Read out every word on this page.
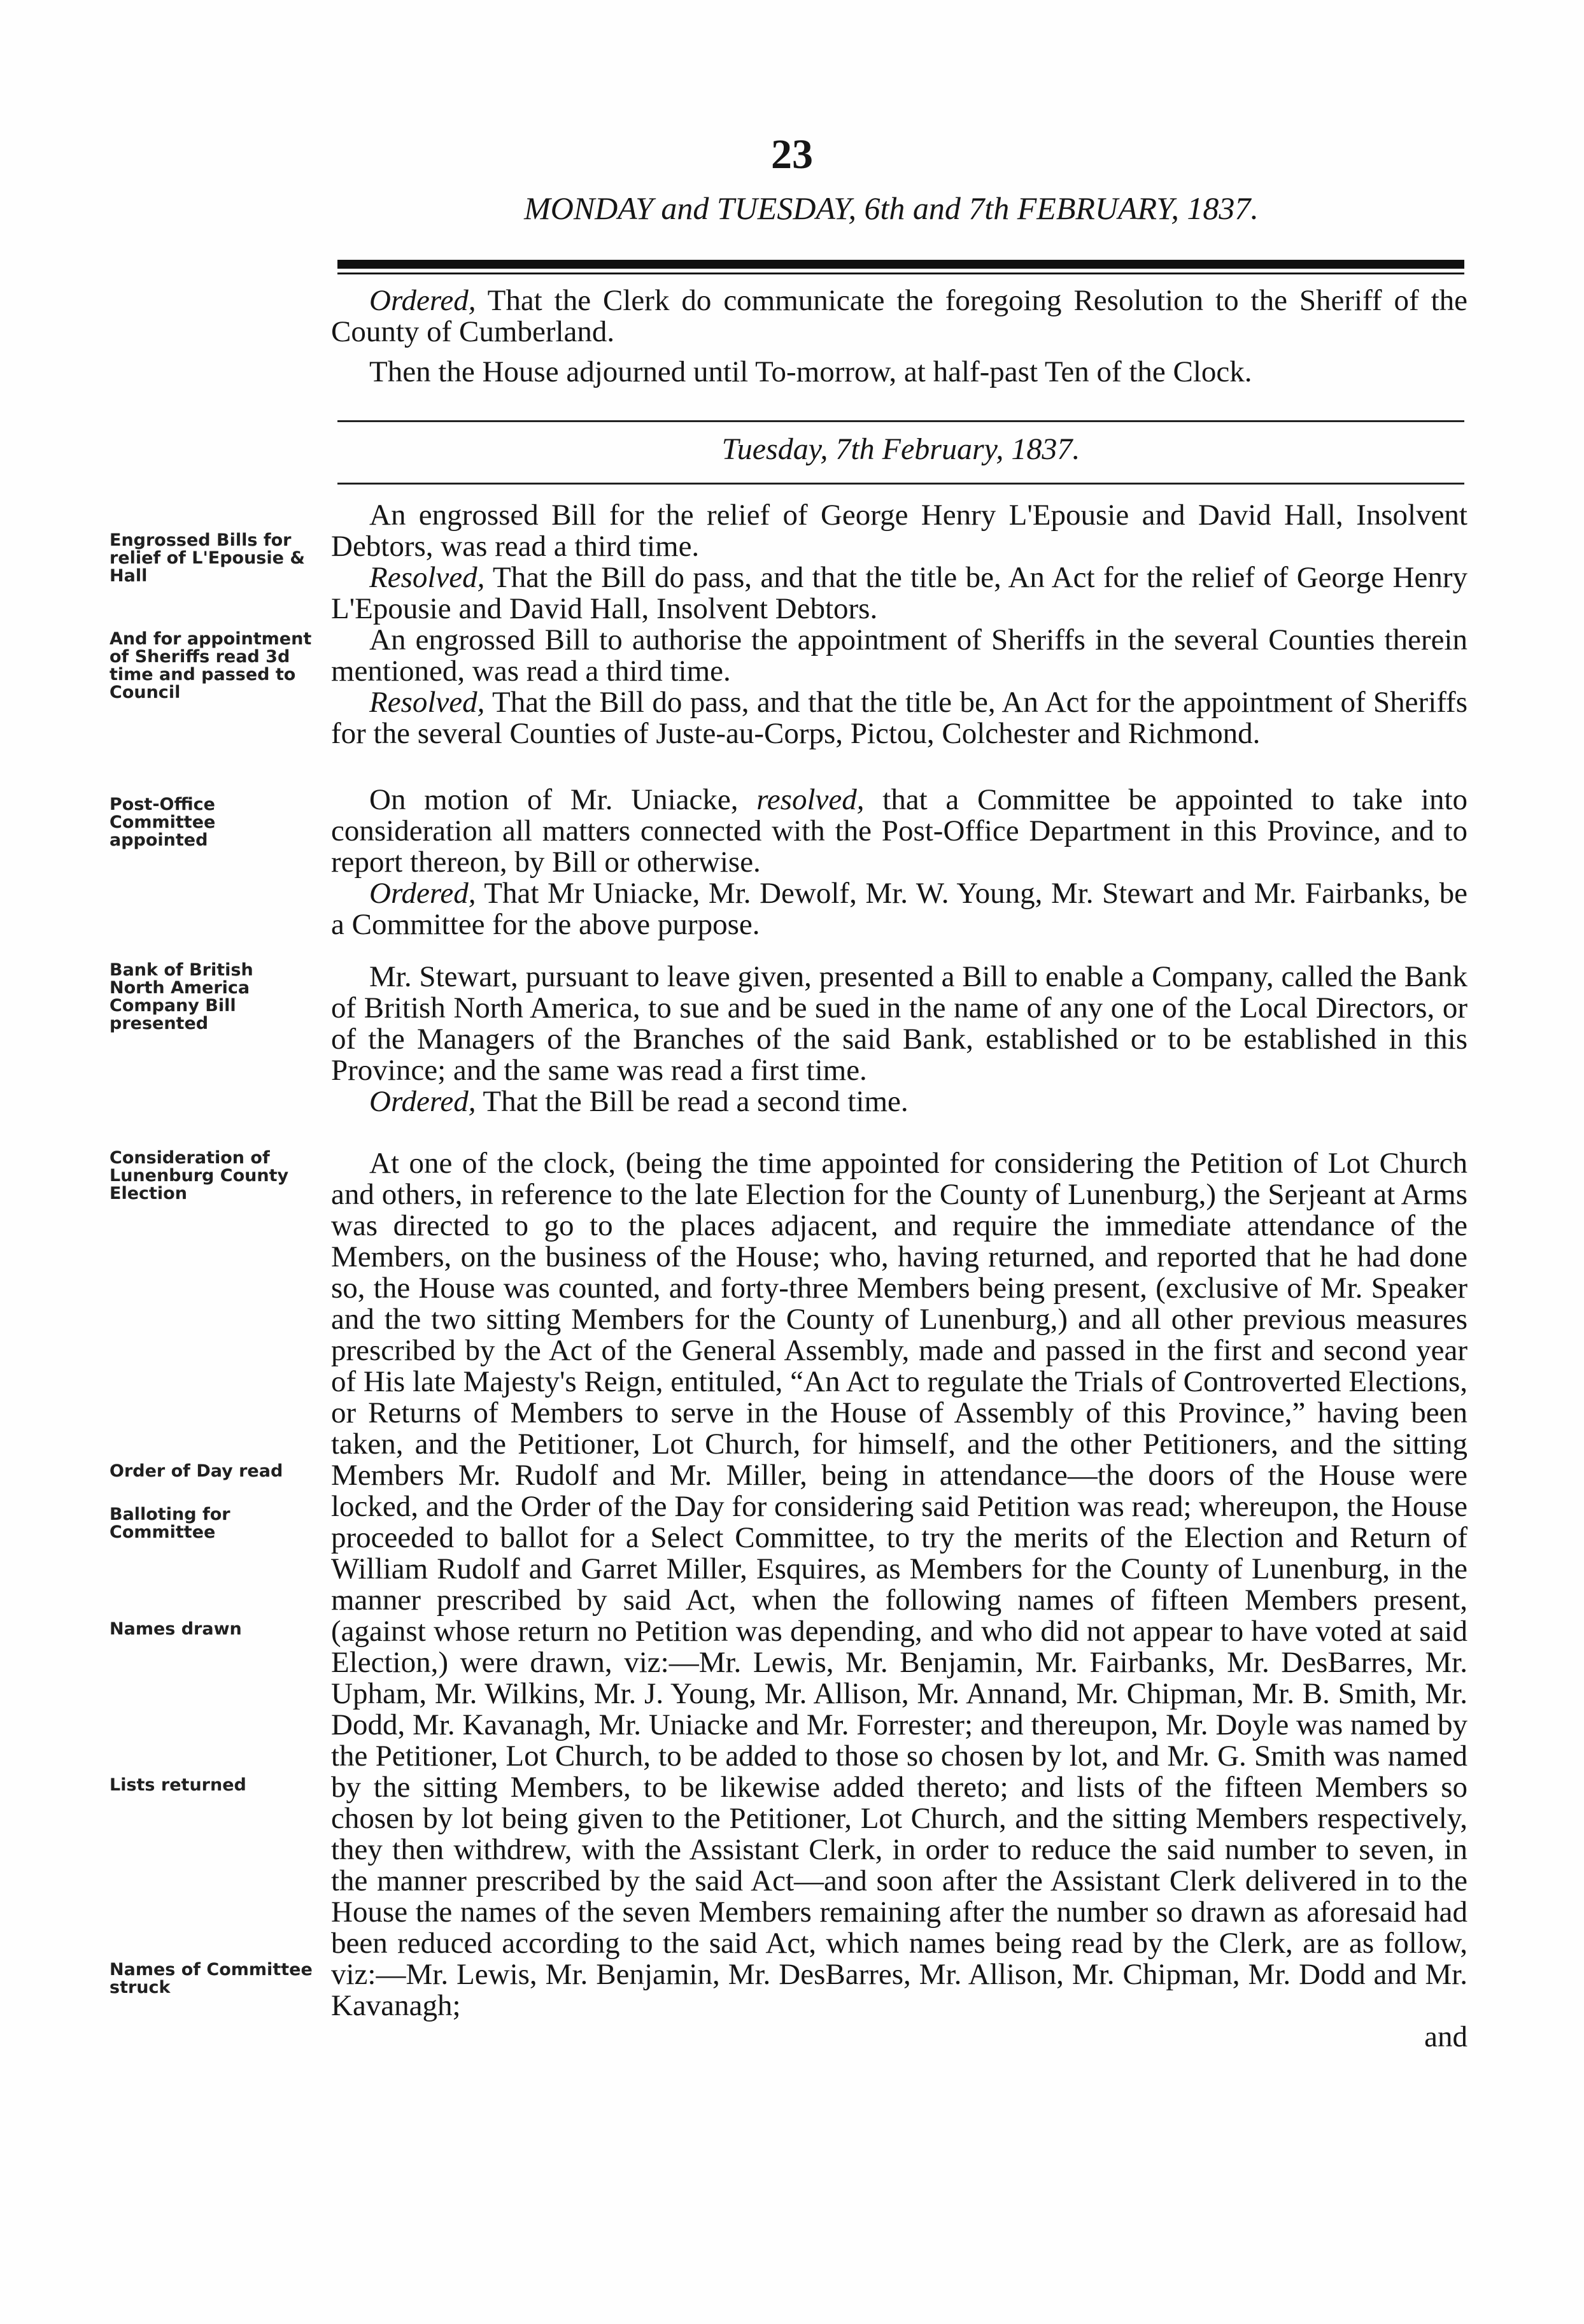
23
MONDAY and TUESDAY, 6th and 7th FEBRUARY, 1837.

Ordered, That the Clerk do communicate the foregoing Resolution to the Sheriff of the County of Cumberland.

Then the House adjourned until To-morrow, at half-past Ten of the Clock.

Tuesday, 7th February, 1837.
Engrossed Bills for relief of L'Epousie & Hall

An engrossed Bill for the relief of George Henry L'Epousie and David Hall, Insolvent Debtors, was read a third time.

Resolved, That the Bill do pass, and that the title be, An Act for the relief of George Henry L'Epousie and David Hall, Insolvent Debtors.

And for appointment of Sheriffs read 3d time and passed to Council

An engrossed Bill to authorise the appointment of Sheriffs in the several Counties therein mentioned, was read a third time.

Resolved, That the Bill do pass, and that the title be, An Act for the appointment of Sheriffs for the several Counties of Juste-au-Corps, Pictou, Colchester and Richmond.

Post-Office Committee appointed

On motion of Mr. Uniacke, resolved, that a Committee be appointed to take into consideration all matters connected with the Post-Office Department in this Province, and to report thereon, by Bill or otherwise.

Ordered, That Mr Uniacke, Mr. Dewolf, Mr. W. Young, Mr. Stewart and Mr. Fairbanks, be a Committee for the above purpose.

Bank of British North America Company Bill presented

Mr. Stewart, pursuant to leave given, presented a Bill to enable a Company, called the Bank of British North America, to sue and be sued in the name of any one of the Local Directors, or of the Managers of the Branches of the said Bank, established or to be established in this Province; and the same was read a first time.

Ordered, That the Bill be read a second time.

Consideration of Lunenburg County Election
Order of Day read
Balloting for Committee
Names drawn
Lists returned
Names of Committee struck

At one of the clock, (being the time appointed for considering the Petition of Lot Church and others, in reference to the late Election for the County of Lunenburg,) the Serjeant at Arms was directed to go to the places adjacent, and require the immediate attendance of the Members, on the business of the House; who, having returned, and reported that he had done so, the House was counted, and forty-three Members being present, (exclusive of Mr. Speaker and the two sitting Members for the County of Lunenburg,) and all other previous measures prescribed by the Act of the General Assembly, made and passed in the first and second year of His late Majesty's Reign, entituled, “An Act to regulate the Trials of Controverted Elections, or Returns of Members to serve in the House of Assembly of this Province,” having been taken, and the Petitioner, Lot Church, for himself, and the other Petitioners, and the sitting Members Mr. Rudolf and Mr. Miller, being in attendance—the doors of the House were locked, and the Order of the Day for considering said Petition was read; whereupon, the House proceeded to ballot for a Select Committee, to try the merits of the Election and Return of William Rudolf and Garret Miller, Esquires, as Members for the County of Lunenburg, in the manner prescribed by said Act, when the following names of fifteen Members present, (against whose return no Petition was depending, and who did not appear to have voted at said Election,) were drawn, viz:—Mr. Lewis, Mr. Benjamin, Mr. Fairbanks, Mr. DesBarres, Mr. Upham, Mr. Wilkins, Mr. J. Young, Mr. Allison, Mr. Annand, Mr. Chipman, Mr. B. Smith, Mr. Dodd, Mr. Kavanagh, Mr. Uniacke and Mr. Forrester; and thereupon, Mr. Doyle was named by the Petitioner, Lot Church, to be added to those so chosen by lot, and Mr. G. Smith was named by the sitting Members, to be likewise added thereto; and lists of the fifteen Members so chosen by lot being given to the Petitioner, Lot Church, and the sitting Members respectively, they then withdrew, with the Assistant Clerk, in order to reduce the said number to seven, in the manner prescribed by the said Act—and soon after the Assistant Clerk delivered in to the House the names of the seven Members remaining after the number so drawn as aforesaid had been reduced according to the said Act, which names being read by the Clerk, are as follow, viz:—Mr. Lewis, Mr. Benjamin, Mr. DesBarres, Mr. Allison, Mr. Chipman, Mr. Dodd and Mr. Kavanagh;

and
